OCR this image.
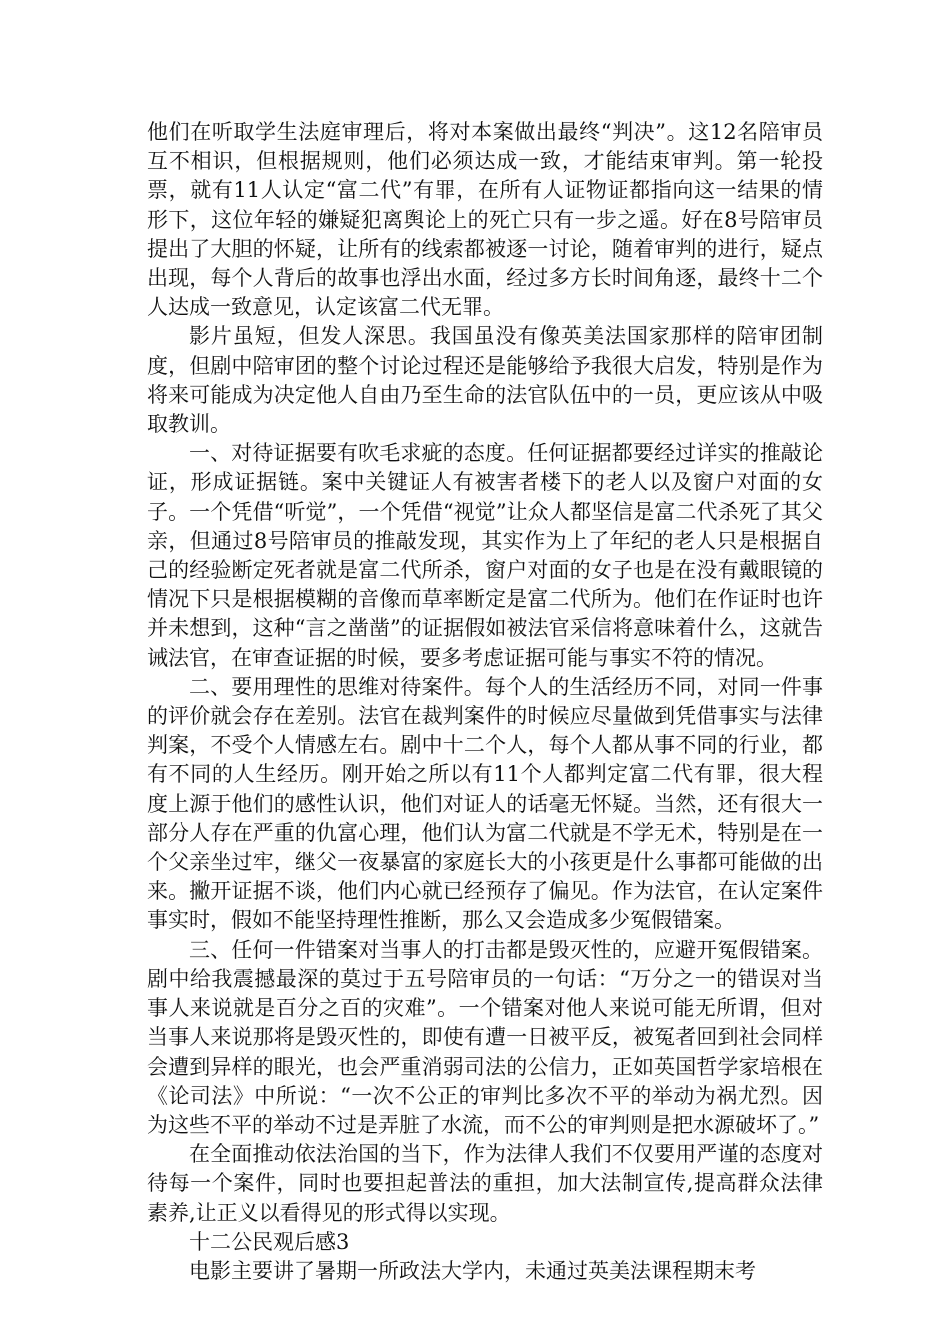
他们在听取学生法庭审理后，将对本案做出最终“判决”。这12名陪审员互不相识，但根据规则，他们必须达成一致，才能结束审判。第一轮投票，就有11人认定“富二代”有罪，在所有人证物证都指向这一结果的情形下，这位年轻的嫌疑犯离舆论上的死亡只有一步之遥。好在8号陪审员提出了大胆的怀疑，让所有的线索都被逐一讨论，随着审判的进行，疑点出现，每个人背后的故事也浮出水面，经过多方长时间角逐，最终十二个人达成一致意见，认定该富二代无罪。

影片虽短，但发人深思。我国虽没有像英美法国家那样的陪审团制度，但剧中陪审团的整个讨论过程还是能够给予我很大启发，特别是作为将来可能成为决定他人自由乃至生命的法官队伍中的一员，更应该从中吸取教训。

一、对待证据要有吹毛求疵的态度。任何证据都要经过详实的推敲论证，形成证据链。案中关键证人有被害者楼下的老人以及窗户对面的女子。一个凭借“听觉”，一个凭借“视觉”让众人都坚信是富二代杀死了其父亲，但通过8号陪审员的推敲发现，其实作为上了年纪的老人只是根据自己的经验断定死者就是富二代所杀，窗户对面的女子也是在没有戴眼镜的情况下只是根据模糊的音像而草率断定是富二代所为。他们在作证时也许并未想到，这种“言之凿凿”的证据假如被法官采信将意味着什么，这就告诫法官，在审查证据的时候，要多考虑证据可能与事实不符的情况。

二、要用理性的思维对待案件。每个人的生活经历不同，对同一件事的评价就会存在差别。法官在裁判案件的时候应尽量做到凭借事实与法律判案，不受个人情感左右。剧中十二个人，每个人都从事不同的行业，都有不同的人生经历。刚开始之所以有11个人都判定富二代有罪，很大程度上源于他们的感性认识，他们对证人的话毫无怀疑。当然，还有很大一部分人存在严重的仇富心理，他们认为富二代就是不学无术，特别是在一个父亲坐过牢，继父一夜暴富的家庭长大的小孩更是什么事都可能做的出来。撇开证据不谈，他们内心就已经预存了偏见。作为法官，在认定案件事实时，假如不能坚持理性推断，那么又会造成多少冤假错案。

三、任何一件错案对当事人的打击都是毁灭性的，应避开冤假错案。剧中给我震撼最深的莫过于五号陪审员的一句话：“万分之一的错误对当事人来说就是百分之百的灾难”。一个错案对他人来说可能无所谓，但对当事人来说那将是毁灭性的，即使有遭一日被平反，被冤者回到社会同样会遭到异样的眼光，也会严重消弱司法的公信力，正如英国哲学家培根在《论司法》中所说：“一次不公正的审判比多次不平的举动为祸尤烈。因为这些不平的举动不过是弄脏了水流，而不公的审判则是把水源破坏了。”

在全面推动依法治国的当下，作为法律人我们不仅要用严谨的态度对待每一个案件，同时也要担起普法的重担，加大法制宣传,提高群众法律素养,让正义以看得见的形式得以实现。

十二公民观后感3

电影主要讲了暑期一所政法大学内，未通过英美法课程期末考
